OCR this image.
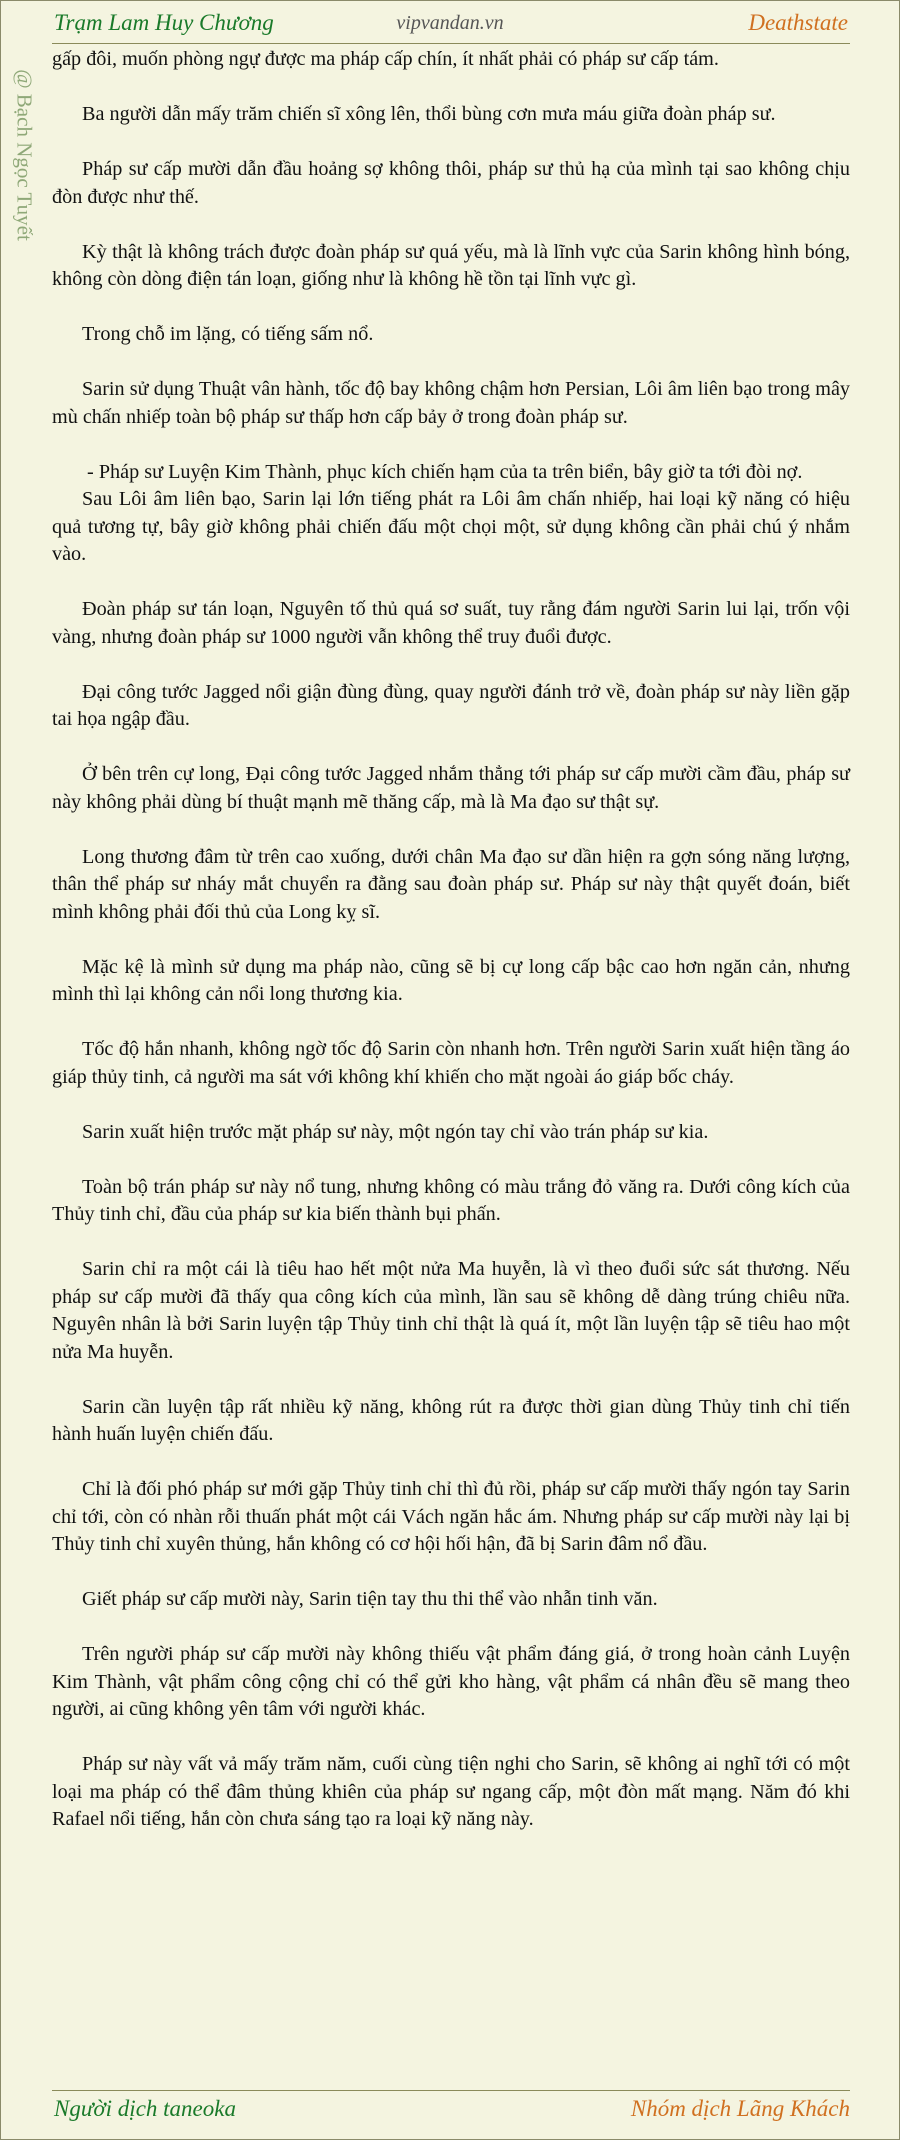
Trạm Lam Huy Chương	vipvandan.vn	Deathstate
@ Bạch Ngọc Tuyết

gấp đôi, muốn phòng ngự được ma pháp cấp chín, ít nhất phải có pháp sư cấp tám.

Ba người dẫn mấy trăm chiến sĩ xông lên, thổi bùng cơn mưa máu giữa đoàn pháp sư.

Pháp sư cấp mười dẫn đầu hoảng sợ không thôi, pháp sư thủ hạ của mình tại sao không chịu đòn được như thế.

Kỳ thật là không trách được đoàn pháp sư quá yếu, mà là lĩnh vực của Sarin không hình bóng, không còn dòng điện tán loạn, giống như là không hề tồn tại lĩnh vực gì.

Trong chỗ im lặng, có tiếng sấm nổ.

Sarin sử dụng Thuật vân hành, tốc độ bay không chậm hơn Persian, Lôi âm liên bạo trong mây mù chấn nhiếp toàn bộ pháp sư thấp hơn cấp bảy ở trong đoàn pháp sư.

- Pháp sư Luyện Kim Thành, phục kích chiến hạm của ta trên biển, bây giờ ta tới đòi nợ.

Sau Lôi âm liên bạo, Sarin lại lớn tiếng phát ra Lôi âm chấn nhiếp, hai loại kỹ năng có hiệu quả tương tự, bây giờ không phải chiến đấu một chọi một, sử dụng không cần phải chú ý nhắm vào.

Đoàn pháp sư tán loạn, Nguyên tố thủ quá sơ suất, tuy rằng đám người Sarin lui lại, trốn vội vàng, nhưng đoàn pháp sư 1000 người vẫn không thể truy đuổi được.

Đại công tước Jagged nổi giận đùng đùng, quay người đánh trở về, đoàn pháp sư này liền gặp tai họa ngập đầu.

Ở bên trên cự long, Đại công tước Jagged nhắm thẳng tới pháp sư cấp mười cầm đầu, pháp sư này không phải dùng bí thuật mạnh mẽ thăng cấp, mà là Ma đạo sư thật sự.

Long thương đâm từ trên cao xuống, dưới chân Ma đạo sư dần hiện ra gợn sóng năng lượng, thân thể pháp sư nháy mắt chuyển ra đằng sau đoàn pháp sư. Pháp sư này thật quyết đoán, biết mình không phải đối thủ của Long kỵ sĩ.

Mặc kệ là mình sử dụng ma pháp nào, cũng sẽ bị cự long cấp bậc cao hơn ngăn cản, nhưng mình thì lại không cản nổi long thương kia.

Tốc độ hắn nhanh, không ngờ tốc độ Sarin còn nhanh hơn. Trên người Sarin xuất hiện tầng áo giáp thủy tinh, cả người ma sát với không khí khiến cho mặt ngoài áo giáp bốc cháy.

Sarin xuất hiện trước mặt pháp sư này, một ngón tay chỉ vào trán pháp sư kia.

Toàn bộ trán pháp sư này nổ tung, nhưng không có màu trắng đỏ văng ra. Dưới công kích của Thủy tinh chỉ, đầu của pháp sư kia biến thành bụi phấn.

Sarin chỉ ra một cái là tiêu hao hết một nửa Ma huyễn, là vì theo đuổi sức sát thương. Nếu pháp sư cấp mười đã thấy qua công kích của mình, lần sau sẽ không dễ dàng trúng chiêu nữa. Nguyên nhân là bởi Sarin luyện tập Thủy tinh chỉ thật là quá ít, một lần luyện tập sẽ tiêu hao một nửa Ma huyễn.

Sarin cần luyện tập rất nhiều kỹ năng, không rút ra được thời gian dùng Thủy tinh chỉ tiến hành huấn luyện chiến đấu.

Chỉ là đối phó pháp sư mới gặp Thủy tinh chỉ thì đủ rồi, pháp sư cấp mười thấy ngón tay Sarin chỉ tới, còn có nhàn rỗi thuấn phát một cái Vách ngăn hắc ám. Nhưng pháp sư cấp mười này lại bị Thủy tinh chỉ xuyên thủng, hắn không có cơ hội hối hận, đã bị Sarin đâm nổ đầu.

Giết pháp sư cấp mười này, Sarin tiện tay thu thi thể vào nhẫn tinh văn.

Trên người pháp sư cấp mười này không thiếu vật phẩm đáng giá, ở trong hoàn cảnh Luyện Kim Thành, vật phẩm công cộng chỉ có thể gửi kho hàng, vật phẩm cá nhân đều sẽ mang theo người, ai cũng không yên tâm với người khác.

Pháp sư này vất vả mấy trăm năm, cuối cùng tiện nghi cho Sarin, sẽ không ai nghĩ tới có một loại ma pháp có thể đâm thủng khiên của pháp sư ngang cấp, một đòn mất mạng. Năm đó khi Rafael nổi tiếng, hắn còn chưa sáng tạo ra loại kỹ năng này.

Người dịch taneoka	Nhóm dịch Lãng Khách
